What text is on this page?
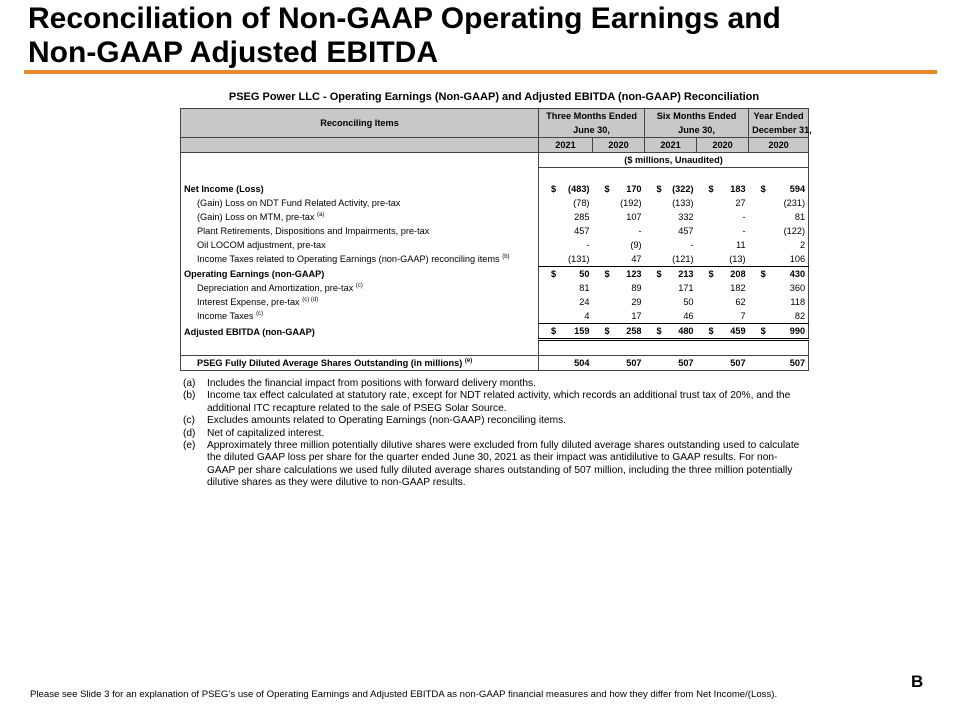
Reconciliation of Non-GAAP Operating Earnings and
Non-GAAP Adjusted EBITDA
PSEG Power LLC - Operating Earnings (Non-GAAP) and Adjusted EBITDA (non-GAAP) Reconciliation
Reconciling Items	Three Months Ended				Six Months Ended				Year Ended	
	June 30,				June 30,				December 31,	
	2021		2020		2021		2020		2020	
	($ millions, Unaudited)									

Net Income (Loss)	$	(483)	$	170	$	(322)	$	183	$	594
(Gain) Loss on NDT Fund Related Activity, pre-tax		(78)		(192)		(133)		27		(231)
(Gain) Loss on MTM, pre-tax $^{(a)}$		285		107		332		-		81
Plant Retirements, Dispositions and Impairments, pre-tax		457		-		457		-		(122)
Oil LOCOM adjustment, pre-tax		-		(9)		-		11		2
Income Taxes related to Operating Earnings (non-GAAP) reconciling items $^{(b)}$		(131)		47		(121)		(13)		106
Operating Earnings (non-GAAP)	$	50	$	123	$	213	$	208	$	430
Depreciation and Amortization, pre-tax $^{(c)}$		81		89		171		182		360
Interest Expense, pre-tax $^{(c) (d)}$		24		29		50		62		118
Income Taxes $^{(c)}$		4		17		46		7		82
Adjusted EBITDA (non-GAAP)	$	159	$	258	$	480	$	459	$	990

PSEG Fully Diluted Average Shares Outstanding (in millions) $^{(e)}$		504		507		507		507		507
(a)	Includes the financial impact from positions with forward delivery months.
(b)	Income tax effect calculated at statutory rate, except for NDT related activity, which records an additional trust tax of 20%, and the additional ITC recapture related to the sale of PSEG Solar Source.
(c)	Excludes amounts related to Operating Earnings (non-GAAP) reconciling items.
(d)	Net of capitalized interest.
(e)	Approximately three million potentially dilutive shares were excluded from fully diluted average shares outstanding used to calculate the diluted GAAP loss per share for the quarter ended June 30, 2021 as their impact was antidilutive to GAAP results. For non-GAAP per share calculations we used fully diluted average shares outstanding of 507 million, including the three million potentially dilutive shares as they were dilutive to non-GAAP results.
B
Please see Slide 3 for an explanation of PSEG’s use of Operating Earnings and Adjusted EBITDA as non-GAAP financial measures and how they differ from Net Income/(Loss).
